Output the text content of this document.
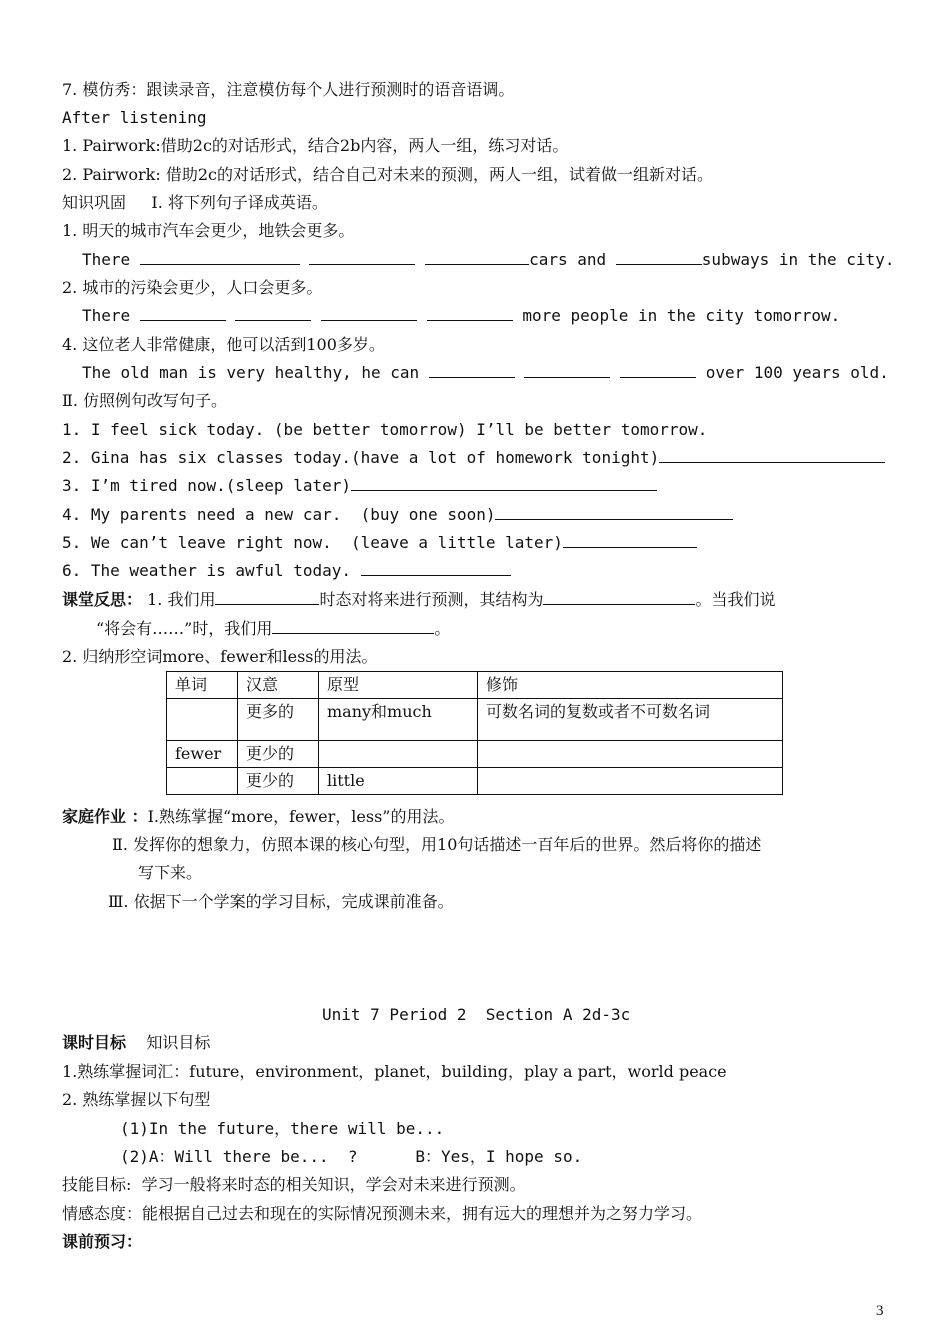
7. 模仿秀：跟读录音，注意模仿每个人进行预测时的语音语调。
After listening
1. Pairwork:借助2c的对话形式，结合2b内容，两人一组，练习对话。
2. Pairwork: 借助2c的对话形式，结合自己对未来的预测，两人一组，试着做一组新对话。
知识巩固     Ⅰ. 将下列句子译成英语。
1. 明天的城市汽车会更少，地铁会更多。
There	cars and	subways in the city.
2. 城市的污染会更少，人口会更多。
There	more people in the city tomorrow.
4. 这位老人非常健康，他可以活到100多岁。
The old man is very healthy, he can	over 100 years old.
Ⅱ. 仿照例句改写句子。
1. I feel sick today. (be better tomorrow) I’ll be better tomorrow.
2. Gina has six classes today.(have a lot of homework tonight)
3. I’m tired now.(sleep later)
4. My parents need a new car.  (buy one soon)
5. We can’t leave right now.  (leave a little later)
6. The weather is awful today.
课堂反思： 1. 我们用	时态对将来进行预测，其结构为	。当我们说
“将会有……”时，我们用	。
2. 归纳形空词more、fewer和less的用法。
单词	汉意	原型	修饰
	更多的	many和much	可数名词的复数或者不可数名词
fewer	更少的		
	更少的	little	
家庭作业 ：Ⅰ.熟练掌握“more，fewer，less”的用法。
Ⅱ. 发挥你的想象力，仿照本课的核心句型，用10句话描述一百年后的世界。然后将你的描述
写下来。
Ⅲ. 依据下一个学案的学习目标，完成课前准备。
Unit 7 Period 2  Section A 2d-3c
课时目标 知识目标
1.熟练掌握词汇：future，environment，planet，building，play a part，world peace
2. 熟练掌握以下句型
(1)In the future，there will be...
(2)A：Will there be...  ?	B：Yes，I hope so.
技能目标:  学习一般将来时态的相关知识，学会对未来进行预测。
情感态度：能根据自己过去和现在的实际情况预测未来，拥有远大的理想并为之努力学习。
课前预习：
3
